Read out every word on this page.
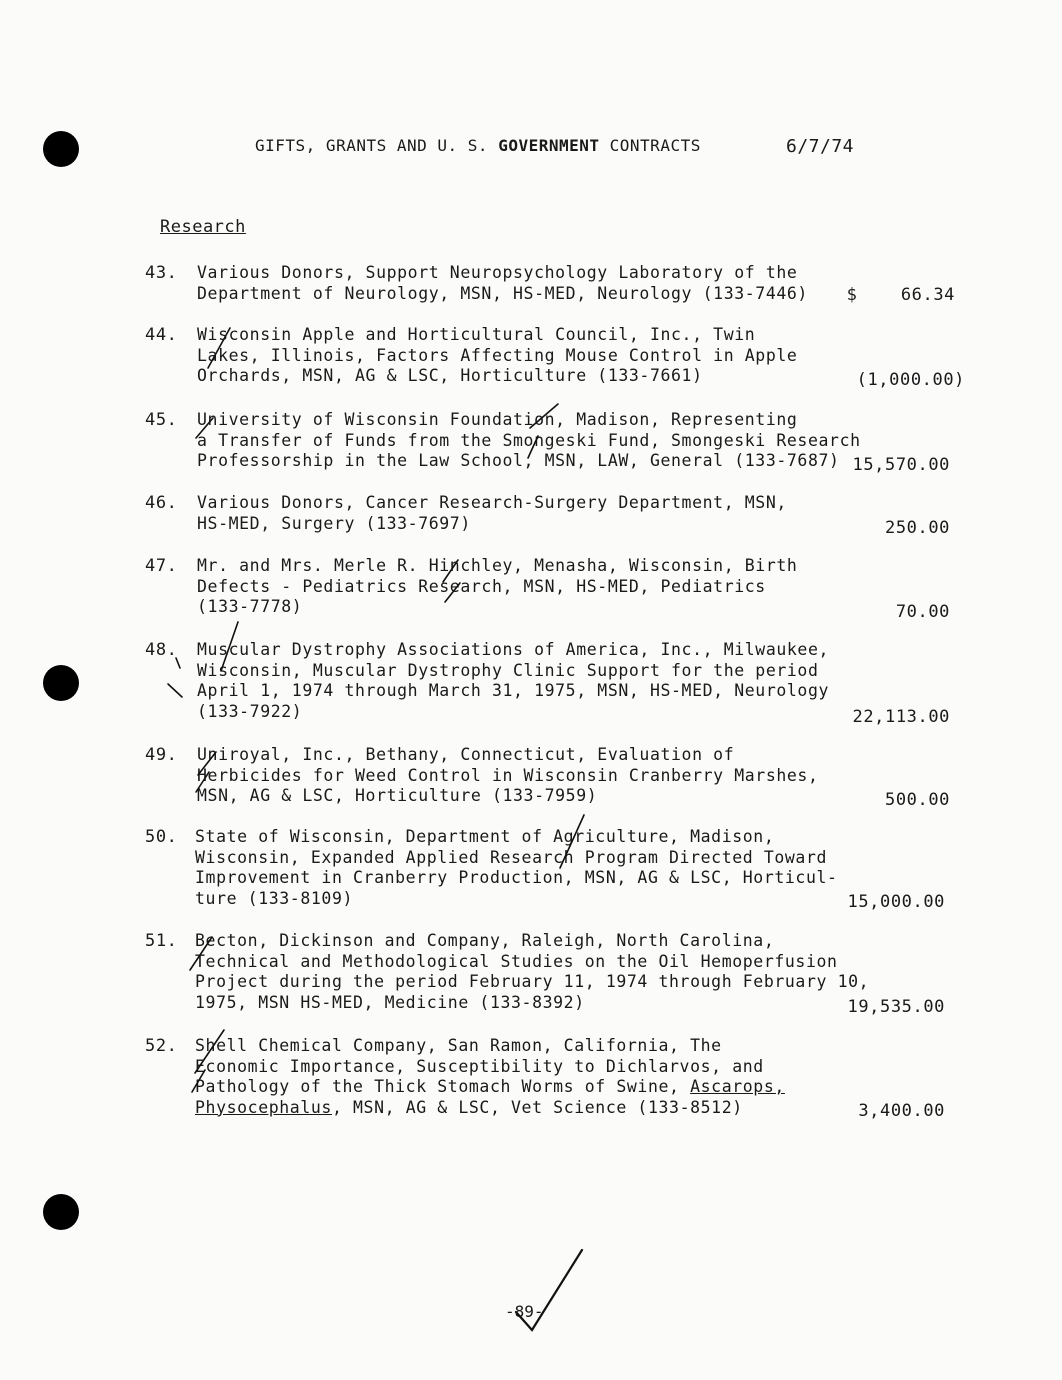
GIFTS, GRANTS AND U. S. GOVERNMENT CONTRACTS	6/7/74
Research
43. Various Donors, Support Neuropsychology Laboratory of the
Department of Neurology, MSN, HS-MED, Neurology (133-7446)	$    66.34
44. Wisconsin Apple and Horticultural Council, Inc., Twin
Lakes, Illinois, Factors Affecting Mouse Control in Apple
Orchards, MSN, AG & LSC, Horticulture (133-7661)	(1,000.00)
45. University of Wisconsin Foundation, Madison, Representing
a Transfer of Funds from the Smongeski Fund, Smongeski Research
Professorship in the Law School, MSN, LAW, General (133-7687) 15,570.00
46. Various Donors, Cancer Research-Surgery Department, MSN,
HS-MED, Surgery (133-7697)	250.00
47. Mr. and Mrs. Merle R. Hinchley, Menasha, Wisconsin, Birth
Defects - Pediatrics Research, MSN, HS-MED, Pediatrics
(133-7778)	70.00
48. Muscular Dystrophy Associations of America, Inc., Milwaukee,
Wisconsin, Muscular Dystrophy Clinic Support for the period
April 1, 1974 through March 31, 1975, MSN, HS-MED, Neurology
(133-7922)	22,113.00
49. Uniroyal, Inc., Bethany, Connecticut, Evaluation of
Herbicides for Weed Control in Wisconsin Cranberry Marshes,
MSN, AG & LSC, Horticulture (133-7959)	500.00
50. State of Wisconsin, Department of Agriculture, Madison,
Wisconsin, Expanded Applied Research Program Directed Toward
Improvement in Cranberry Production, MSN, AG & LSC, Horticul-
ture (133-8109)	15,000.00
51. Becton, Dickinson and Company, Raleigh, North Carolina,
Technical and Methodological Studies on the Oil Hemoperfusion
Project during the period February 11, 1974 through February 10,
1975, MSN HS-MED, Medicine (133-8392)	19,535.00
52. Shell Chemical Company, San Ramon, California, The
Economic Importance, Susceptibility to Dichlarvos, and
Pathology of the Thick Stomach Worms of Swine, Ascarops,
Physocephalus, MSN, AG & LSC, Vet Science (133-8512)	3,400.00
-89-
